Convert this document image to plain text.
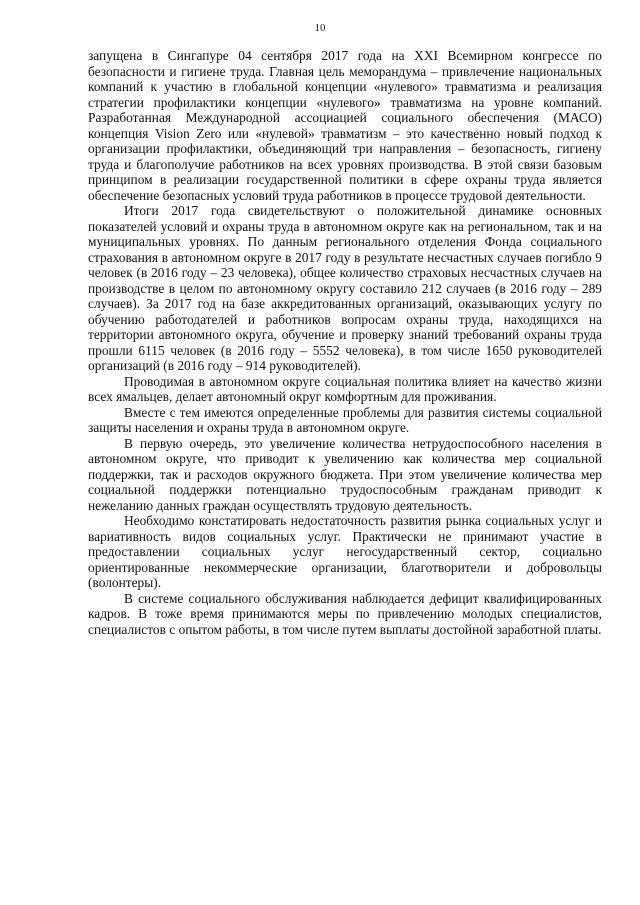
10

запущена в Сингапуре 04 сентября 2017 года на XXI Всемирном конгрессе по безопасности и гигиене труда. Главная цель меморандума – привлечение национальных компаний к участию в глобальной концепции «нулевого» травматизма и реализация стратегии профилактики концепции «нулевого» травматизма на уровне компаний. Разработанная Международной ассоциацией социального обеспечения (МАСО) концепция Vision Zero или «нулевой» травматизм – это качественно новый подход к организации профилактики, объединяющий три направления – безопасность, гигиену труда и благополучие работников на всех уровнях производства. В этой связи базовым принципом в реализации государственной политики в сфере охраны труда является обеспечение безопасных условий труда работников в процессе трудовой деятельности.

Итоги 2017 года свидетельствуют о положительной динамике основных показателей условий и охраны труда в автономном округе как на региональном, так и на муниципальных уровнях. По данным регионального отделения Фонда социального страхования в автономном округе в 2017 году в результате несчастных случаев погибло 9 человек (в 2016 году – 23 человека), общее количество страховых несчастных случаев на производстве в целом по автономному округу составило 212 случаев (в 2016 году – 289 случаев). За 2017 год на базе аккредитованных организаций, оказывающих услугу по обучению работодателей и работников вопросам охраны труда, находящихся на территории автономного округа, обучение и проверку знаний требований охраны труда прошли 6115 человек (в 2016 году – 5552 человека), в том числе 1650 руководителей организаций (в 2016 году – 914 руководителей).

Проводимая в автономном округе социальная политика влияет на качество жизни всех ямальцев, делает автономный округ комфортным для проживания.

Вместе с тем имеются определенные проблемы для развития системы социальной защиты населения и охраны труда в автономном округе.

В первую очередь, это увеличение количества нетрудоспособного населения в автономном округе, что приводит к увеличению как количества мер социальной поддержки, так и расходов окружного бюджета. При этом увеличение количества мер социальной поддержки потенциально трудоспособным гражданам приводит к нежеланию данных граждан осуществлять трудовую деятельность.

Необходимо констатировать недостаточность развития рынка социальных услуг и вариативность видов социальных услуг. Практически не принимают участие в предоставлении социальных услуг негосударственный сектор, социально ориентированные некоммерческие организации, благотворители и добровольцы (волонтеры).

В системе социального обслуживания наблюдается дефицит квалифицированных кадров. В тоже время принимаются меры по привлечению молодых специалистов, специалистов с опытом работы, в том числе путем выплаты достойной заработной платы.
